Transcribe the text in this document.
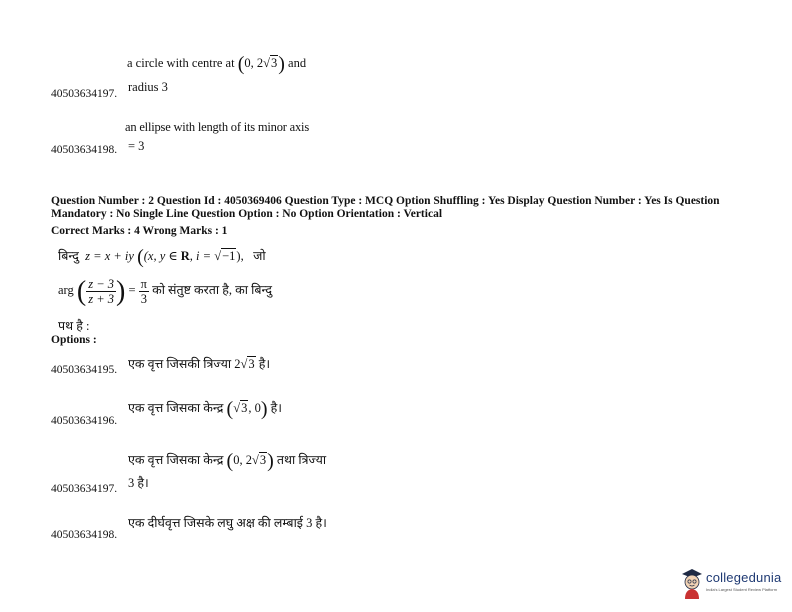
a circle with centre at (0, 2√3) and
40503634197. radius 3
an ellipse with length of its minor axis
40503634198. = 3
Question Number : 2 Question Id : 4050369406 Question Type : MCQ Option Shuffling : Yes Display Question Number : Yes Is Question
Mandatory : No Single Line Question Option : No Option Orientation : Vertical
Correct Marks : 4 Wrong Marks : 1
बिन्दु z = x + iy ((x, y ∈ R, i = √−1), जो
arg ( $\frac{z - 3}{z + 3}$ ) = $\frac{\pi}{3}$ को संतुष्ट करता है, का बिन्दु
पथ है :
Options :
एक वृत्त जिसकी त्रिज्या 2√3 है।
40503634195.
एक वृत्त जिसका केन्द्र (√3, 0) है।
40503634196.
एक वृत्त जिसका केन्द्र (0, 2√3) तथा त्रिज्या
3 है।
40503634197.
एक दीर्घवृत्त जिसके लघु अक्ष की लम्बाई 3 है।
40503634198.
collegedunia
India's Largest Student Review Platform
